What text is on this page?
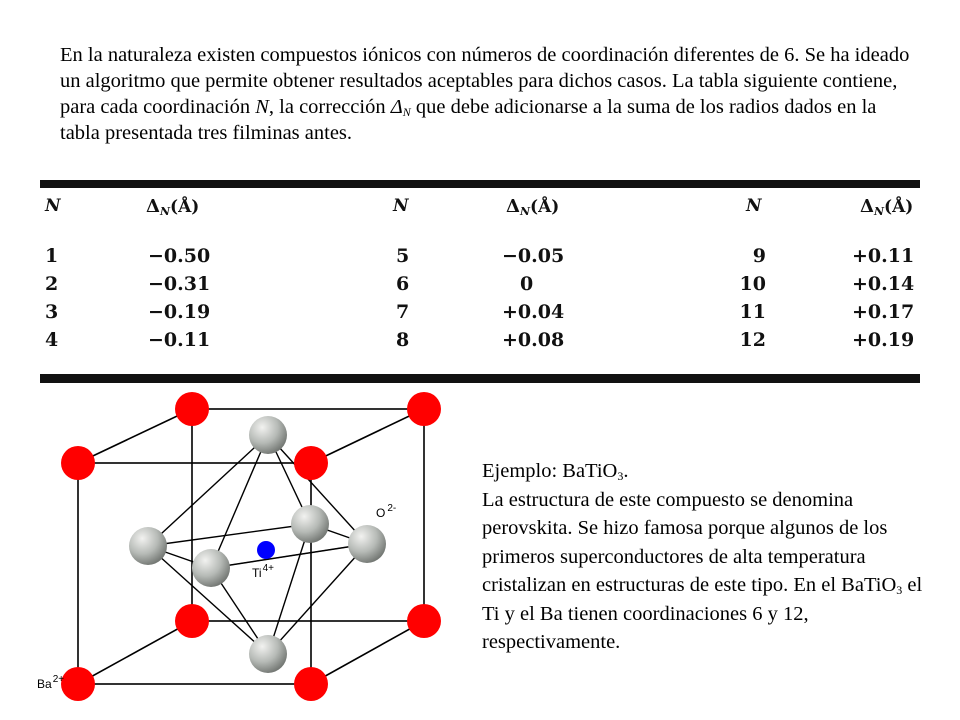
En la naturaleza existen compuestos iónicos con números de coordinación diferentes de 6. Se ha ideado un algoritmo que permite obtener resultados aceptables para dichos casos. La tabla siguiente contiene, para cada coordinación N, la corrección $\Delta_N$ que debe adicionarse a la suma de los radios dados en la tabla presentada tres filminas antes.

N	ΔN(Å)	N	ΔN(Å)	N	ΔN(Å)
1	−0.50	5	−0.05	9	+0.11
2	−0.31	6	0	10	+0.14
3	−0.19	7	+0.04	11	+0.17
4	−0.11	8	+0.08	12	+0.19
O $^{2-}$
$Ti^{4+}$
$Ba^{2+}$

Ejemplo: BaTiO$_3$.
La estructura de este compuesto se denomina perovskita. Se hizo famosa porque algunos de los primeros superconductores de alta temperatura cristalizan en estructuras de este tipo. En el BaTiO$_3$ el Ti y el Ba tienen coordinaciones 6 y 12, respectivamente.
